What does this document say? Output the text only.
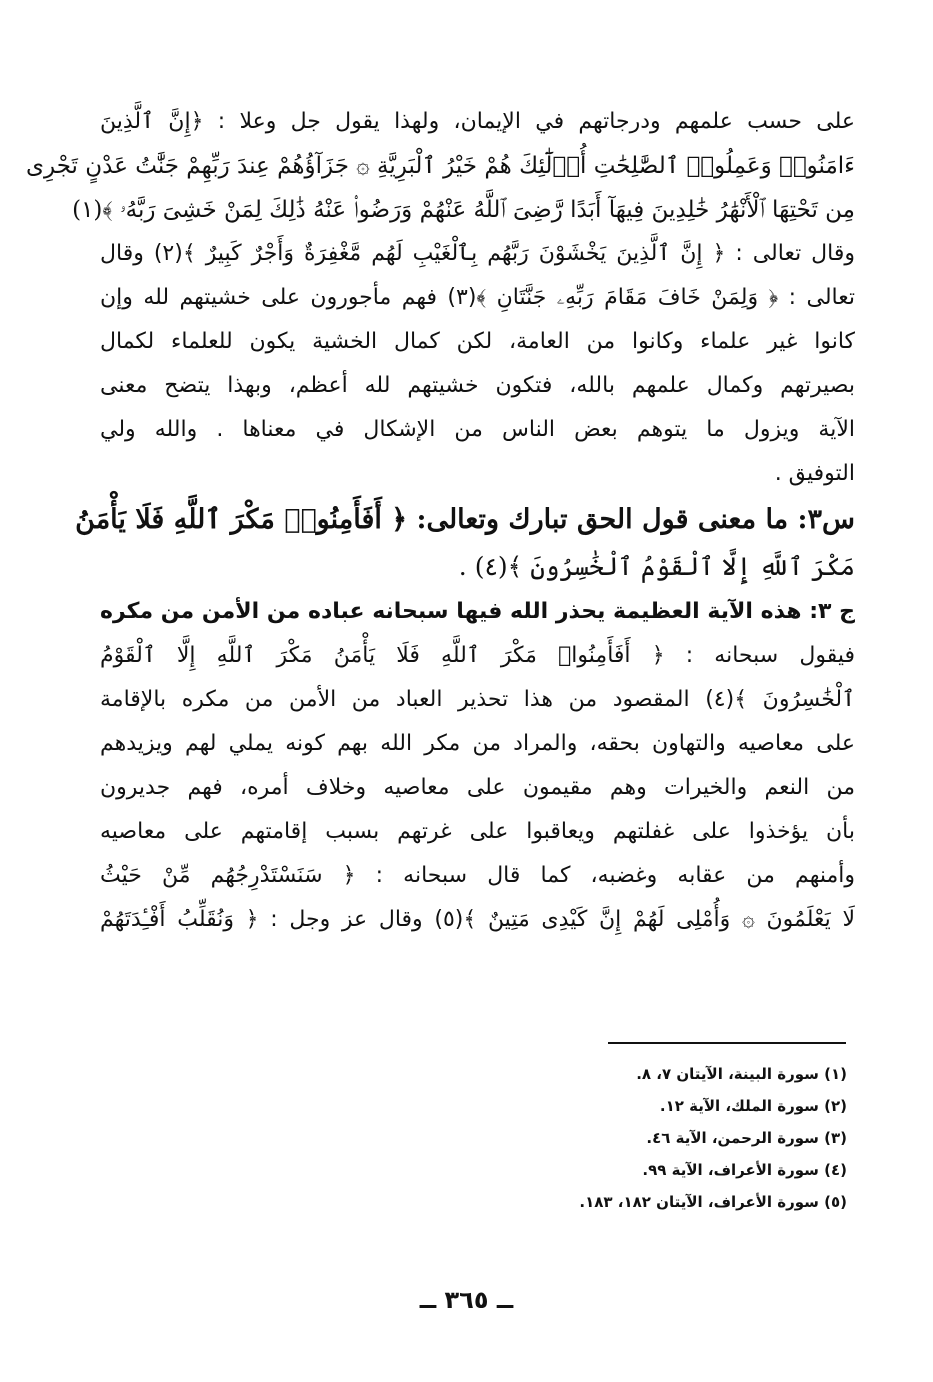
على حسب علمهم ودرجاتهم في الإيمان، ولهذا يقول جل وعلا : ﴿إِنَّ ٱلَّذِينَ
ءَامَنُوا۟ وَعَمِلُوا۟ ٱلصَّٰلِحَٰتِ أُو۟لَٰٓئِكَ هُمْ خَيْرُ ٱلْبَرِيَّةِ ۞ جَزَآؤُهُمْ عِندَ رَبِّهِمْ جَنَّٰتُ عَدْنٍ تَجْرِى
مِن تَحْتِهَا ٱلْأَنْهَٰرُ خَٰلِدِينَ فِيهَآ أَبَدًا رَّضِىَ ٱللَّهُ عَنْهُمْ وَرَضُوا۟ عَنْهُ ذَٰلِكَ لِمَنْ خَشِىَ رَبَّهُۥ ﴾(١)
وقال تعالى : ﴿ إِنَّ ٱلَّذِينَ يَخْشَوْنَ رَبَّهُم بِٱلْغَيْبِ لَهُم مَّغْفِرَةٌ وَأَجْرٌ كَبِيرٌ ﴾(٢) وقال
تعالى : ﴿ وَلِمَنْ خَافَ مَقَامَ رَبِّهِۦ جَنَّتَانِ ﴾(٣) فهم مأجورون على خشيتهم لله وإن
كانوا غير علماء وكانوا من العامة، لكن كمال الخشية يكون للعلماء لكمال
بصيرتهم وكمال علمهم بالله، فتكون خشيتهم لله أعظم، وبهذا يتضح معنى
الآية ويزول ما يتوهم بعض الناس من الإشكال في معناها . والله ولي
التوفيق .
س٣: ما معنى قول الحق تبارك وتعالى: ﴿ أَفَأَمِنُوا۟ مَكْرَ ٱللَّهِ فَلَا يَأْمَنُ
مَكْرَ ٱللَّهِ إِلَّا ٱلْقَوْمُ ٱلْخَٰسِرُونَ ﴾(٤) .
ج ٣: هذه الآية العظيمة يحذر الله فيها سبحانه عباده من الأمن من مكره
فيقول سبحانه : ﴿ أَفَأَمِنُوا۟ مَكْرَ ٱللَّهِ فَلَا يَأْمَنُ مَكْرَ ٱللَّهِ إِلَّا ٱلْقَوْمُ
ٱلْخَٰسِرُونَ ﴾(٤) المقصود من هذا تحذير العباد من الأمن من مكره بالإقامة
على معاصيه والتهاون بحقه، والمراد من مكر الله بهم كونه يملي لهم ويزيدهم
من النعم والخيرات وهم مقيمون على معاصيه وخلاف أمره، فهم جديرون
بأن يؤخذوا على غفلتهم ويعاقبوا على غرتهم بسبب إقامتهم على معاصيه
وأمنهم من عقابه وغضبه، كما قال سبحانه : ﴿ سَنَسْتَدْرِجُهُم مِّنْ حَيْثُ
لَا يَعْلَمُونَ ۞ وَأُمْلِى لَهُمْ إِنَّ كَيْدِى مَتِينٌ ﴾(٥) وقال عز وجل : ﴿ وَنُقَلِّبُ أَفْـِٔدَتَهُمْ
(١) سورة البينة، الآيتان ٧، ٨.
(٢) سورة الملك، الآية ١٢.
(٣) سورة الرحمن، الآية ٤٦.
(٤) سورة الأعراف، الآية ٩٩.
(٥) سورة الأعراف، الآيتان ١٨٢، ١٨٣.
ــ ٣٦٥ ــ
